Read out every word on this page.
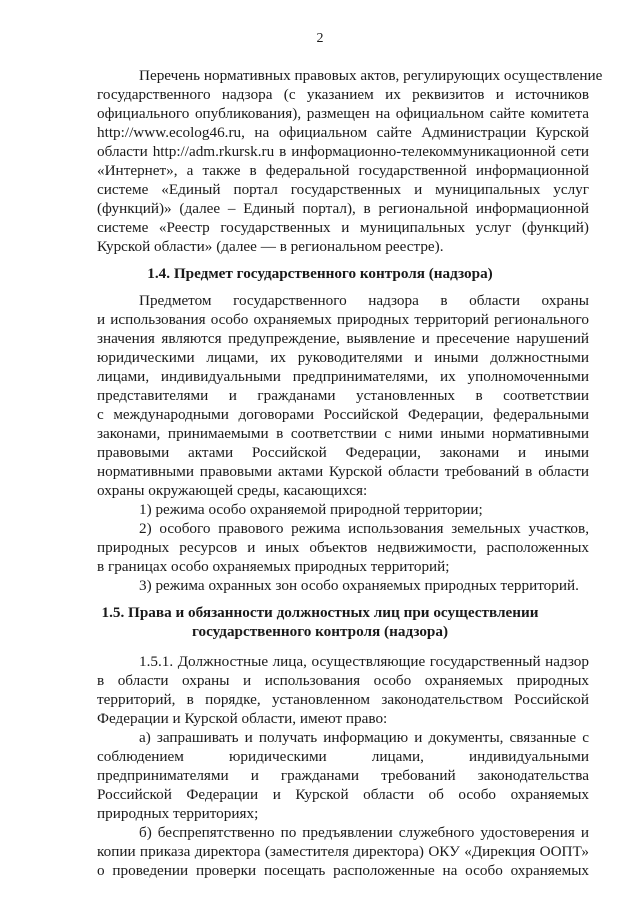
2
Перечень нормативных правовых актов, регулирующих осуществление
государственного надзора (с указанием их реквизитов и источников
официального опубликования), размещен на официальном сайте комитета
http://www.ecolog46.ru, на официальном сайте Администрации Курской
области http://adm.rkursk.ru в информационно-телекоммуникационной сети
«Интернет», а также в федеральной государственной информационной
системе «Единый портал государственных и муниципальных услуг
(функций)» (далее – Единый портал), в региональной информационной
системе «Реестр государственных и муниципальных услуг (функций)
Курской области» (далее — в региональном реестре).
1.4. Предмет государственного контроля (надзора)
Предметом государственного надзора в области охраны
и использования особо охраняемых природных территорий регионального
значения являются предупреждение, выявление и пресечение нарушений
юридическими лицами, их руководителями и иными должностными
лицами, индивидуальными предпринимателями, их уполномоченными
представителями и гражданами установленных в соответствии
с международными договорами Российской Федерации, федеральными
законами, принимаемыми в соответствии с ними иными нормативными
правовыми актами Российской Федерации, законами и иными
нормативными правовыми актами Курской области требований в области
охраны окружающей среды, касающихся:
1) режима особо охраняемой природной территории;
2) особого правового режима использования земельных участков,
природных ресурсов и иных объектов недвижимости, расположенных
в границах особо охраняемых природных территорий;
3) режима охранных зон особо охраняемых природных территорий.
1.5. Права и обязанности должностных лиц при осуществлении
государственного контроля (надзора)
1.5.1. Должностные лица, осуществляющие государственный надзор
в области охраны и использования особо охраняемых природных
территорий, в порядке, установленном законодательством Российской
Федерации и Курской области, имеют право:
а) запрашивать и получать информацию и документы, связанные с
соблюдением юридическими лицами, индивидуальными
предпринимателями и гражданами требований законодательства
Российской Федерации и Курской области об особо охраняемых
природных территориях;
б) беспрепятственно по предъявлении служебного удостоверения и
копии приказа директора (заместителя директора) ОКУ «Дирекция ООПТ»
о проведении проверки посещать расположенные на особо охраняемых
